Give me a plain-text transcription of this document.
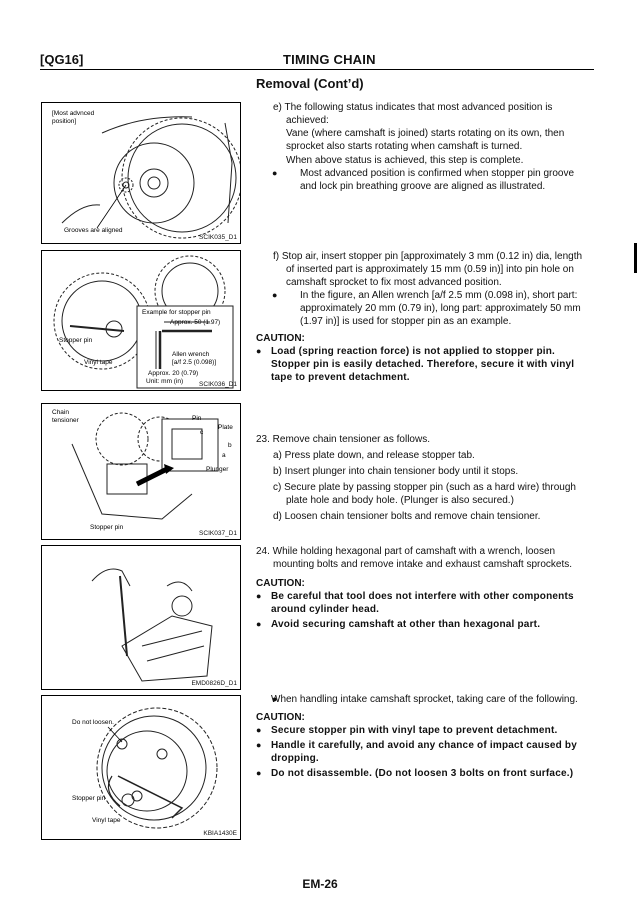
[QG16]	TIMING CHAIN
Removal (Cont’d)
[Most advnced
position]
Grooves are aligned
SCIK035_D1
Example for stopper pin
Approx. 50 (1.97)
Stopper pin
Vinyl tape
Allen wrench
[a/f 2.5 (0.098)]
Approx. 20 (0.79)
Unit: mm (in) SCIK036_D1
Chain
tensioner	Pin
Plate
c
b
a
Plunger
Stopper pin
SCIK037_D1
EMD0826D_D1
Do not loosen.
Stopper pin
Vinyl tape
KBIA1430E

e) The following status indicates that most advanced position is achieved:

Vane (where camshaft is joined) starts rotating on its own, then sprocket also starts rotating when camshaft is turned.

When above status is achieved, this step is complete.

● Most advanced position is confirmed when stopper pin groove and lock pin breathing groove are aligned as illustrated.

f) Stop air, insert stopper pin [approximately 3 mm (0.12 in) dia, length of inserted part is approximately 15 mm (0.59 in)] into pin hole on camshaft sprocket to fix most advanced position.

● In the figure, an Allen wrench [a/f 2.5 mm (0.098 in), short part: approximately 20 mm (0.79 in), long part: approximately 50 mm (1.97 in)] is used for stopper pin as an example.

CAUTION:

● Load (spring reaction force) is not applied to stopper pin. Stopper pin is easily detached. Therefore, secure it with vinyl tape to prevent detachment.

23. Remove chain tensioner as follows.

a) Press plate down, and release stopper tab.

b) Insert plunger into chain tensioner body until it stops.

c) Secure plate by passing stopper pin (such as a hard wire) through plate hole and body hole. (Plunger is also secured.)

d) Loosen chain tensioner bolts and remove chain tensioner.

24. While holding hexagonal part of camshaft with a wrench, loosen mounting bolts and remove intake and exhaust camshaft sprockets.

CAUTION:

● Be careful that tool does not interfere with other components around cylinder head.

● Avoid securing camshaft at other than hexagonal part.

● When handling intake camshaft sprocket, taking care of the following.

CAUTION:

● Secure stopper pin with vinyl tape to prevent detachment.

● Handle it carefully, and avoid any chance of impact caused by dropping.

● Do not disassemble. (Do not loosen 3 bolts on front surface.)

EM-26
